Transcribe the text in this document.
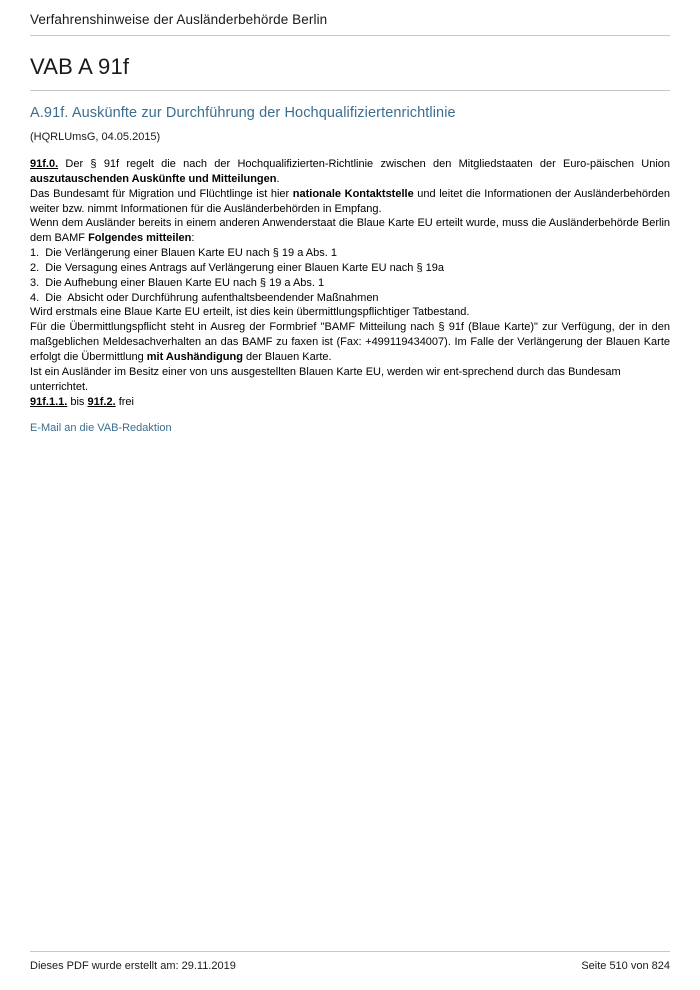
Verfahrenshinweise der Ausländerbehörde Berlin
VAB A 91f
A.91f. Auskünfte zur Durchführung der Hochqualifiziertenrichtlinie
(HQRLUmsG, 04.05.2015)

91f.0. Der § 91f regelt die nach der Hochqualifizierten-Richtlinie zwischen den Mitgliedstaaten der Euro-päischen Union auszutauschenden Auskünfte und Mitteilungen.

Das Bundesamt für Migration und Flüchtlinge ist hier nationale Kontaktstelle und leitet die Informationen der Ausländerbehörden weiter bzw. nimmt Informationen für die Ausländerbehörden in Empfang.

Wenn dem Ausländer bereits in einem anderen Anwenderstaat die Blaue Karte EU erteilt wurde, muss die Ausländerbehörde Berlin dem BAMF Folgendes mitteilen:

1.  Die Verlängerung einer Blauen Karte EU nach § 19 a Abs. 1
2.  Die Versagung eines Antrags auf Verlängerung einer Blauen Karte EU nach § 19a
3.  Die Aufhebung einer Blauen Karte EU nach § 19 a Abs. 1
4.  Die  Absicht oder Durchführung aufenthaltsbeendender Maßnahmen

Wird erstmals eine Blaue Karte EU erteilt, ist dies kein übermittlungspflichtiger Tatbestand.

Für die Übermittlungspflicht steht in Ausreg der Formbrief "BAMF Mitteilung nach § 91f (Blaue Karte)" zur Verfügung, der in den maßgeblichen Meldesachverhalten an das BAMF zu faxen ist (Fax: +499119434007). Im Falle der Verlängerung der Blauen Karte erfolgt die Übermittlung mit Aushändigung der Blauen Karte.

Ist ein Ausländer im Besitz einer von uns ausgestellten Blauen Karte EU, werden wir ent-sprechend durch das Bundesam unterrichtet.

91f.1.1. bis 91f.2. frei

E-Mail an die VAB-Redaktion
Dieses PDF wurde erstellt am: 29.11.2019	Seite 510 von 824
